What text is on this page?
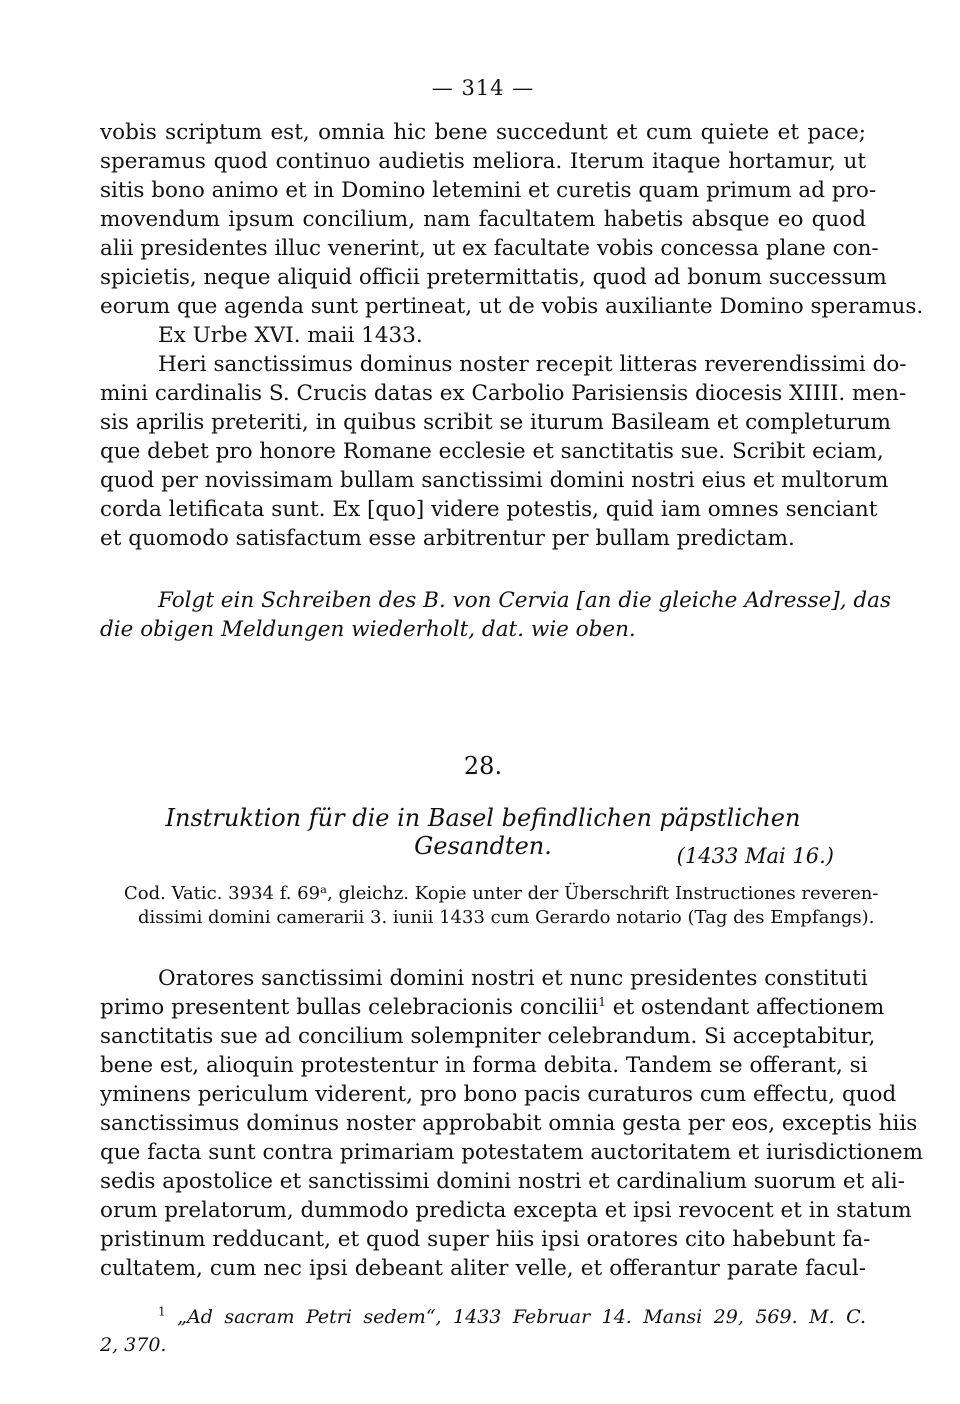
— 314 —
vobis scriptum est, omnia hic bene succedunt et cum quiete et pace;
speramus quod continuo audietis meliora. Iterum itaque hortamur, ut
sitis bono animo et in Domino letemini et curetis quam primum ad pro-
movendum ipsum concilium, nam facultatem habetis absque eo quod
alii presidentes illuc venerint, ut ex facultate vobis concessa plane con-
spicietis, neque aliquid officii pretermittatis, quod ad bonum successum
eorum que agenda sunt pertineat, ut de vobis auxiliante Domino speramus.
Ex Urbe XVI. maii 1433.
Heri sanctissimus dominus noster recepit litteras reverendissimi do-
mini cardinalis S. Crucis datas ex Carbolio Parisiensis diocesis XIIII. men-
sis aprilis preteriti, in quibus scribit se iturum Basileam et completurum
que debet pro honore Romane ecclesie et sanctitatis sue. Scribit eciam,
quod per novissimam bullam sanctissimi domini nostri eius et multorum
corda letificata sunt. Ex [quo] videre potestis, quid iam omnes senciant
et quomodo satisfactum esse arbitrentur per bullam predictam.
Folgt ein Schreiben des B. von Cervia [an die gleiche Adresse], das
die obigen Meldungen wiederholt, dat. wie oben.
28.
Instruktion für die in Basel befindlichen päpstlichen Gesandten.	(1433 Mai 16.)
Cod. Vatic. 3934 f. 69ᵃ, gleichz. Kopie unter der Überschrift Instructiones reveren-
dissimi domini camerarii 3. iunii 1433 cum Gerardo notario (Tag des Empfangs).
Oratores sanctissimi domini nostri et nunc presidentes constituti
primo presentent bullas celebracionis concilii$^1$ et ostendant affectionem
sanctitatis sue ad concilium solempniter celebrandum. Si acceptabitur,
bene est, alioquin protestentur in forma debita. Tandem se offerant, si
yminens periculum viderent, pro bono pacis curaturos cum effectu, quod
sanctissimus dominus noster approbabit omnia gesta per eos, exceptis hiis
que facta sunt contra primariam potestatem auctoritatem et iurisdictionem
sedis apostolice et sanctissimi domini nostri et cardinalium suorum et ali-
orum prelatorum, dummodo predicta excepta et ipsi revocent et in statum
pristinum redducant, et quod super hiis ipsi oratores cito habebunt fa-
cultatem, cum nec ipsi debeant aliter velle, et offerantur parate facul-
$^1$ „Ad sacram Petri sedem“, 1433 Februar 14. Mansi 29, 569. M. C.
2, 370.
